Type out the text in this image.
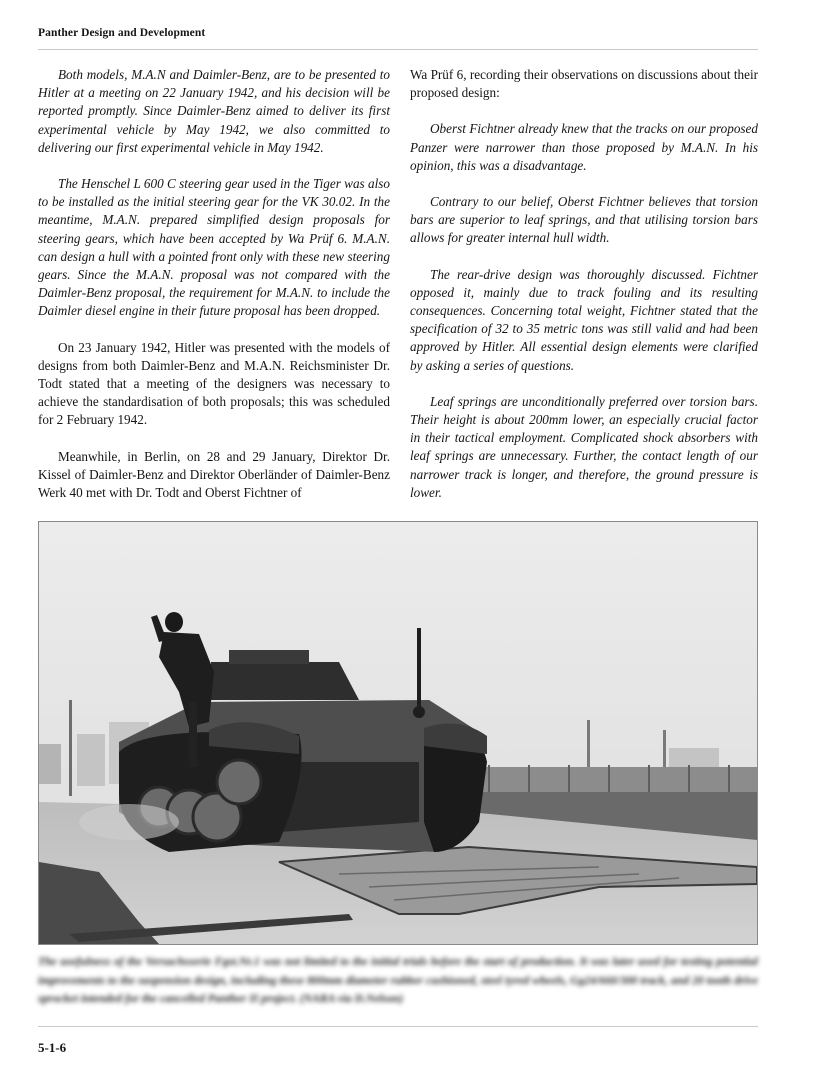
Panther Design and Development

Both models, M.A.N and Daimler-Benz, are to be presented to Hitler at a meeting on 22 January 1942, and his decision will be reported promptly. Since Daimler-Benz aimed to deliver its first experimental vehicle by May 1942, we also committed to delivering our first experimental vehicle in May 1942.

The Henschel L 600 C steering gear used in the Tiger was also to be installed as the initial steering gear for the VK 30.02. In the meantime, M.A.N. prepared simplified design proposals for steering gears, which have been accepted by Wa Prüf 6. M.A.N. can design a hull with a pointed front only with these new steering gears. Since the M.A.N. proposal was not compared with the Daimler-Benz proposal, the requirement for M.A.N. to include the Daimler diesel engine in their future proposal has been dropped.

On 23 January 1942, Hitler was presented with the models of designs from both Daimler-Benz and M.A.N. Reichsminister Dr. Todt stated that a meeting of the designers was necessary to achieve the standardisation of both proposals; this was scheduled for 2 February 1942.

Meanwhile, in Berlin, on 28 and 29 January, Direktor Dr. Kissel of Daimler-Benz and Direktor Oberländer of Daimler-Benz Werk 40 met with Dr. Todt and Oberst Fichtner of

Wa Prüf 6, recording their observations on discussions about their proposed design:

Oberst Fichtner already knew that the tracks on our proposed Panzer were narrower than those proposed by M.A.N. In his opinion, this was a disadvantage.

Contrary to our belief, Oberst Fichtner believes that torsion bars are superior to leaf springs, and that utilising torsion bars allows for greater internal hull width.

The rear-drive design was thoroughly discussed. Fichtner opposed it, mainly due to track fouling and its resulting consequences. Concerning total weight, Fichtner stated that the specification of 32 to 35 metric tons was still valid and had been approved by Hitler. All essential design elements were clarified by asking a series of questions.

Leaf springs are unconditionally preferred over torsion bars. Their height is about 200mm lower, an especially crucial factor in their tactical employment. Complicated shock absorbers with leaf springs are unnecessary. Further, the contact length of our narrower track is longer, and therefore, the ground pressure is lower.

The usefulness of the Versuchsserie Fgst.Nr.1 was not limited to the initial trials before the start of production. It was later used for testing potential improvements to the suspension design, including these 800mm diameter rubber cushioned, steel tyred wheels, Gg24/660/300 track, and 20 tooth drive sprocket intended for the cancelled Panther II project. (NARA via D.Nelson)
5-1-6
